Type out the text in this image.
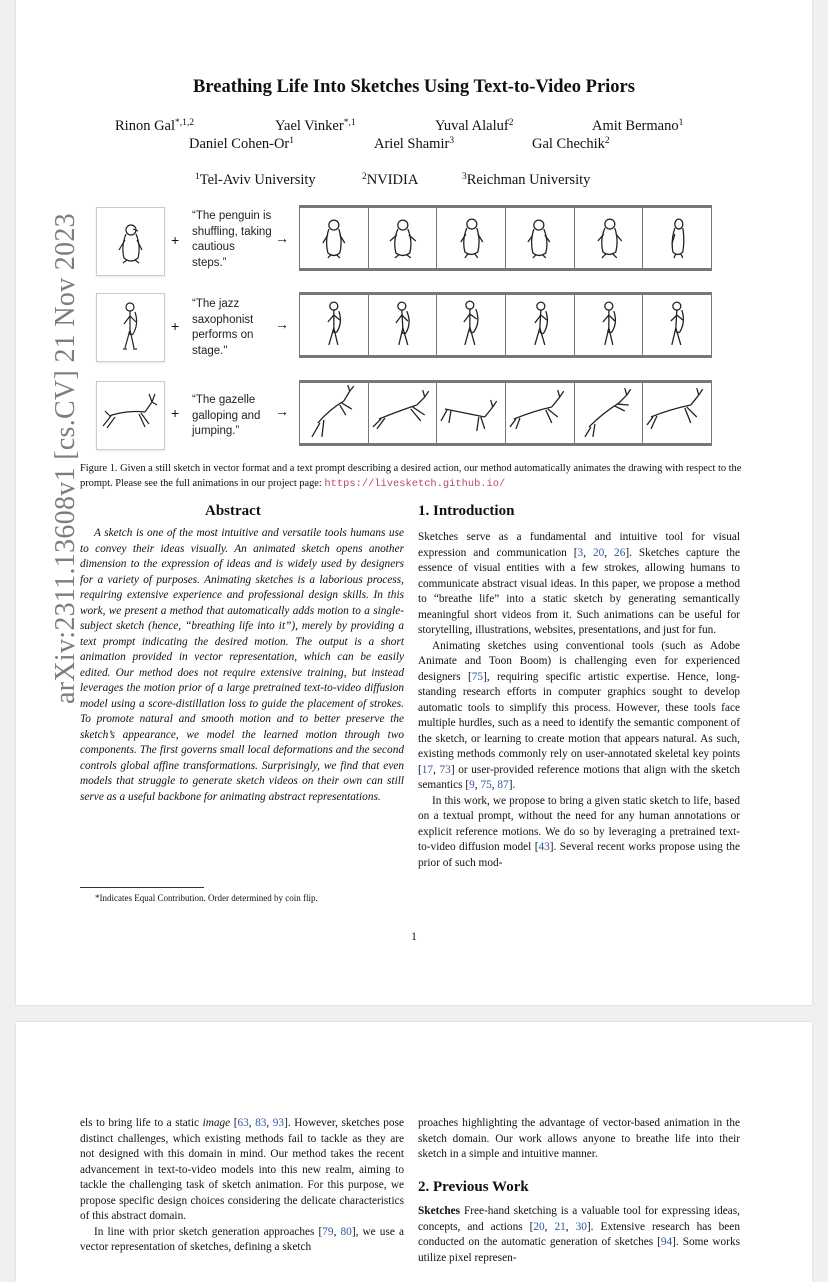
arXiv:2311.13608v1 [cs.CV] 21 Nov 2023
Breathing Life Into Sketches Using Text-to-Video Priors
Rinon Gal$^{*,1,2}$	Yael Vinker$^{*,1}$	Yuval Alaluf$^2$	Amit Bermano$^1$
Daniel Cohen-Or$^1$	Ariel Shamir$^3$	Gal Chechik$^2$
$^1$Tel-Aviv University	$^2$NVIDIA	$^3$Reichman University
+
“The penguin is shuffling, taking cautious steps.”
→
+
“The jazz saxophonist performs on stage."
→
+
“The gazelle galloping and jumping.”
→
Figure 1. Given a still sketch in vector format and a text prompt describing a desired action, our method automatically animates the drawing with respect to the prompt. Please see the full animations in our project page: https://livesketch.github.io/
Abstract

A sketch is one of the most intuitive and versatile tools humans use to convey their ideas visually. An animated sketch opens another dimension to the expression of ideas and is widely used by designers for a variety of purposes. Animating sketches is a laborious process, requiring extensive experience and professional design skills. In this work, we present a method that automatically adds motion to a single-subject sketch (hence, “breathing life into it”), merely by providing a text prompt indicating the desired motion. The output is a short animation provided in vector representation, which can be easily edited. Our method does not require extensive training, but instead leverages the motion prior of a large pretrained text-to-video diffusion model using a score-distillation loss to guide the placement of strokes. To promote natural and smooth motion and to better preserve the sketch’s appearance, we model the learned motion through two components. The first governs small local deformations and the second controls global affine transformations. Surprisingly, we find that even models that struggle to generate sketch videos on their own can still serve as a useful backbone for animating abstract representations.

1. Introduction

Sketches serve as a fundamental and intuitive tool for visual expression and communication [3, 20, 26]. Sketches capture the essence of visual entities with a few strokes, allowing humans to communicate abstract visual ideas. In this paper, we propose a method to “breathe life” into a static sketch by generating semantically meaningful short videos from it. Such animations can be useful for storytelling, illustrations, websites, presentations, and just for fun.

Animating sketches using conventional tools (such as Adobe Animate and Toon Boom) is challenging even for experienced designers [75], requiring specific artistic expertise. Hence, long-standing research efforts in computer graphics sought to develop automatic tools to simplify this process. However, these tools face multiple hurdles, such as a need to identify the semantic component of the sketch, or learning to create motion that appears natural. As such, existing methods commonly rely on user-annotated skeletal key points [17, 73] or user-provided reference motions that align with the sketch semantics [9, 75, 87].

In this work, we propose to bring a given static sketch to life, based on a textual prompt, without the need for any human annotations or explicit reference motions. We do so by leveraging a pretrained text-to-video diffusion model [43]. Several recent works propose using the prior of such mod-

*Indicates Equal Contribution. Order determined by coin flip.
1

els to bring life to a static image [63, 83, 93]. However, sketches pose distinct challenges, which existing methods fail to tackle as they are not designed with this domain in mind. Our method takes the recent advancement in text-to-video models into this new realm, aiming to tackle the challenging task of sketch animation. For this purpose, we propose specific design choices considering the delicate characteristics of this abstract domain.

In line with prior sketch generation approaches [79, 80], we use a vector representation of sketches, defining a sketch

proaches highlighting the advantage of vector-based animation in the sketch domain. Our work allows anyone to breathe life into their sketch in a simple and intuitive manner.

2. Previous Work

Sketches Free-hand sketching is a valuable tool for expressing ideas, concepts, and actions [20, 21, 30]. Extensive research has been conducted on the automatic generation of sketches [94]. Some works utilize pixel represen-
